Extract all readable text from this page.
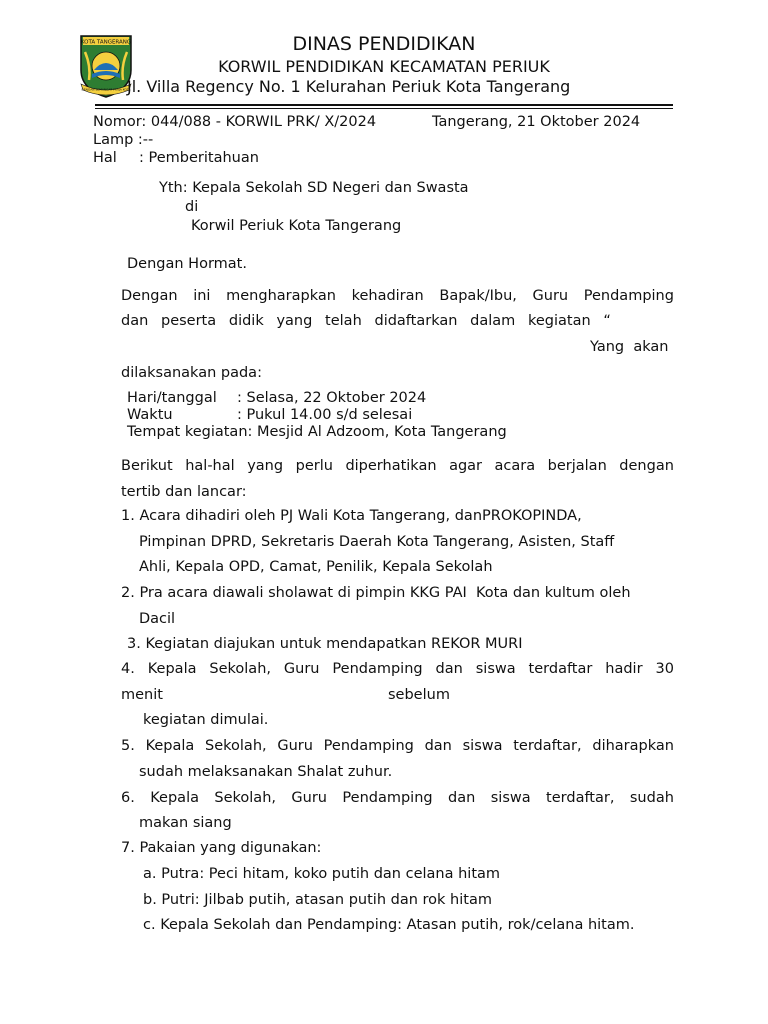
KOTA TANGERANG
DENGAN SEMANGAT PRAJA KOTA
DINAS PENDIDIKAN
KORWIL PENDIDIKAN KECAMATAN PERIUK
Jl. Villa Regency No. 1 Kelurahan Periuk Kota Tangerang
Nomor: 044/088 - KORWIL PRK/ X/2024	Tangerang, 21 Oktober 2024
Lamp :--
Hal : Pemberitahuan
Yth: Kepala Sekolah SD Negeri dan Swasta
di
Korwil Periuk Kota Tangerang
Dengan Hormat.
Dengan ini mengharapkan kehadiran Bapak/Ibu, Guru Pendamping
dan peserta didik yang telah didaftarkan dalam kegiatan “
Yang  akan
dilaksanakan pada:
Hari/tanggal : Selasa, 22 Oktober 2024
Waktu	: Pukul 14.00 s/d selesai
Tempat kegiatan: Mesjid Al Adzoom, Kota Tangerang
Berikut hal-hal yang perlu diperhatikan agar acara berjalan dengan
tertib dan lancar:
1. Acara dihadiri oleh PJ Wali Kota Tangerang, danPROKOPINDA,
Pimpinan DPRD, Sekretaris Daerah Kota Tangerang, Asisten, Staff
Ahli, Kepala OPD, Camat, Penilik, Kepala Sekolah
2. Pra acara diawali sholawat di pimpin KKG PAI  Kota dan kultum oleh
Dacil
3. Kegiatan diajukan untuk mendapatkan REKOR MURI
4. Kepala Sekolah, Guru Pendamping dan siswa terdaftar hadir 30
menit	sebelum
kegiatan dimulai.
5. Kepala Sekolah, Guru Pendamping dan siswa terdaftar, diharapkan
sudah melaksanakan Shalat zuhur.
6. Kepala Sekolah, Guru Pendamping dan siswa terdaftar, sudah
makan siang
7. Pakaian yang digunakan:
a. Putra: Peci hitam, koko putih dan celana hitam
b. Putri: Jilbab putih, atasan putih dan rok hitam
c. Kepala Sekolah dan Pendamping: Atasan putih, rok/celana hitam.
